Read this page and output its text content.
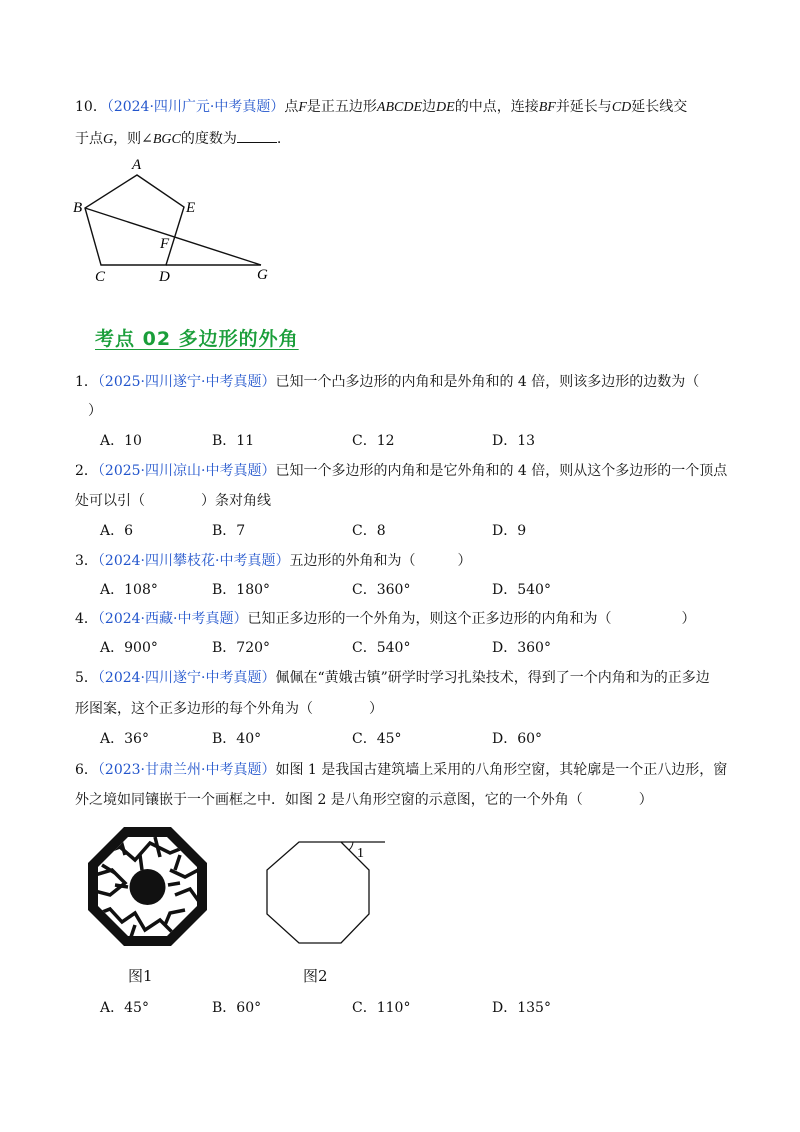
10．（2024·四川广元·中考真题）点F是正五边形ABCDE边DE的中点，连接BF并延长与CD延长线交
于点G，则∠BGC的度数为	.
A
B
C	D
E
F
G
考点 02 多边形的外角
1．（2025·四川遂宁·中考真题）已知一个凸多边形的内角和是外角和的 4 倍，则该多边形的边数为（
）
A．10	B．11	C．12	D．13
2．（2025·四川凉山·中考真题）已知一个多边形的内角和是它外角和的 4 倍，则从这个多边形的一个顶点
处可以引（　　　　）条对角线
A．6	B．7	C．8	D．9
3．（2024·四川攀枝花·中考真题）五边形的外角和为（　　　）
A．108°	B．180°	C．360°	D．540°
4．（2024·西藏·中考真题）已知正多边形的一个外角为，则这个正多边形的内角和为（　　　　　）
A．900°	B．720°	C．540°	D．360°
5．（2024·四川遂宁·中考真题）佩佩在“黄娥古镇”研学时学习扎染技术，得到了一个内角和为的正多边
形图案，这个正多边形的每个外角为（　　　　）
A．36°	B．40°	C．45°	D．60°
6．（2023·甘肃兰州·中考真题）如图 1 是我国古建筑墙上采用的八角形空窗，其轮廓是一个正八边形，窗
外之境如同镶嵌于一个画框之中．如图 2 是八角形空窗的示意图，它的一个外角（　　　　）
图1
1
图2
A．45°	B．60°	C．110°	D．135°
